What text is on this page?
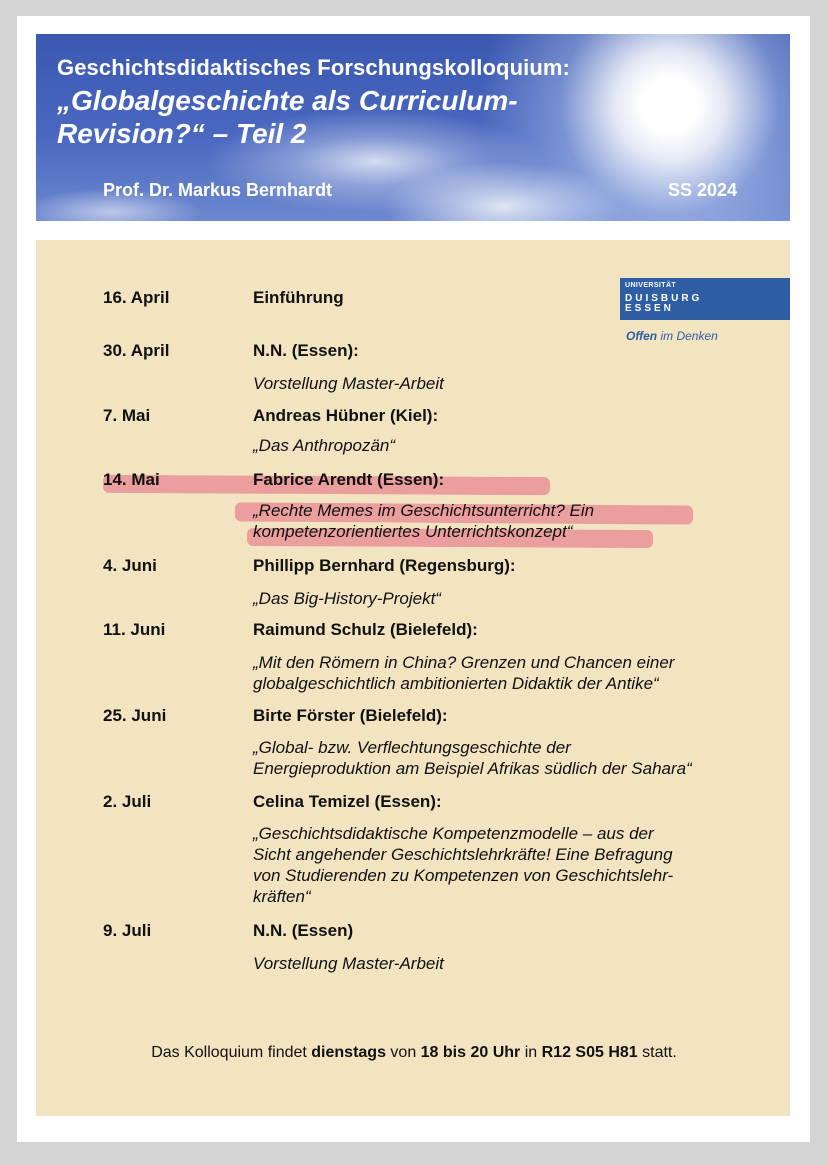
Geschichtsdidaktisches Forschungskolloquium:
„Globalgeschichte als Curriculum-
Revision?“ – Teil 2
Prof. Dr. Markus Bernhardt	SS 2024
UNIVERSITÄT
DUISBURG
ESSEN
Offen im Denken
16. April	Einführung
30. April	N.N. (Essen):
Vorstellung Master-Arbeit
7. Mai	Andreas Hübner (Kiel):
„Das Anthropozän“
14. Mai	Fabrice Arendt (Essen):
„Rechte Memes im Geschichtsunterricht? Ein
kompetenzorientiertes Unterrichtskonzept“
4. Juni	Phillipp Bernhard (Regensburg):
„Das Big-History-Projekt“
11. Juni	Raimund Schulz (Bielefeld):
„Mit den Römern in China? Grenzen und Chancen einer
globalgeschichtlich ambitionierten Didaktik der Antike“
25. Juni	Birte Förster (Bielefeld):
„Global- bzw. Verflechtungsgeschichte der
Energieproduktion am Beispiel Afrikas südlich der Sahara“
2. Juli	Celina Temizel (Essen):
„Geschichtsdidaktische Kompetenzmodelle – aus der
Sicht angehender Geschichtslehrkräfte! Eine Befragung
von Studierenden zu Kompetenzen von Geschichtslehr-
kräften“
9. Juli	N.N. (Essen)
Vorstellung Master-Arbeit
Das Kolloquium findet dienstags von 18 bis 20 Uhr in R12 S05 H81 statt.
